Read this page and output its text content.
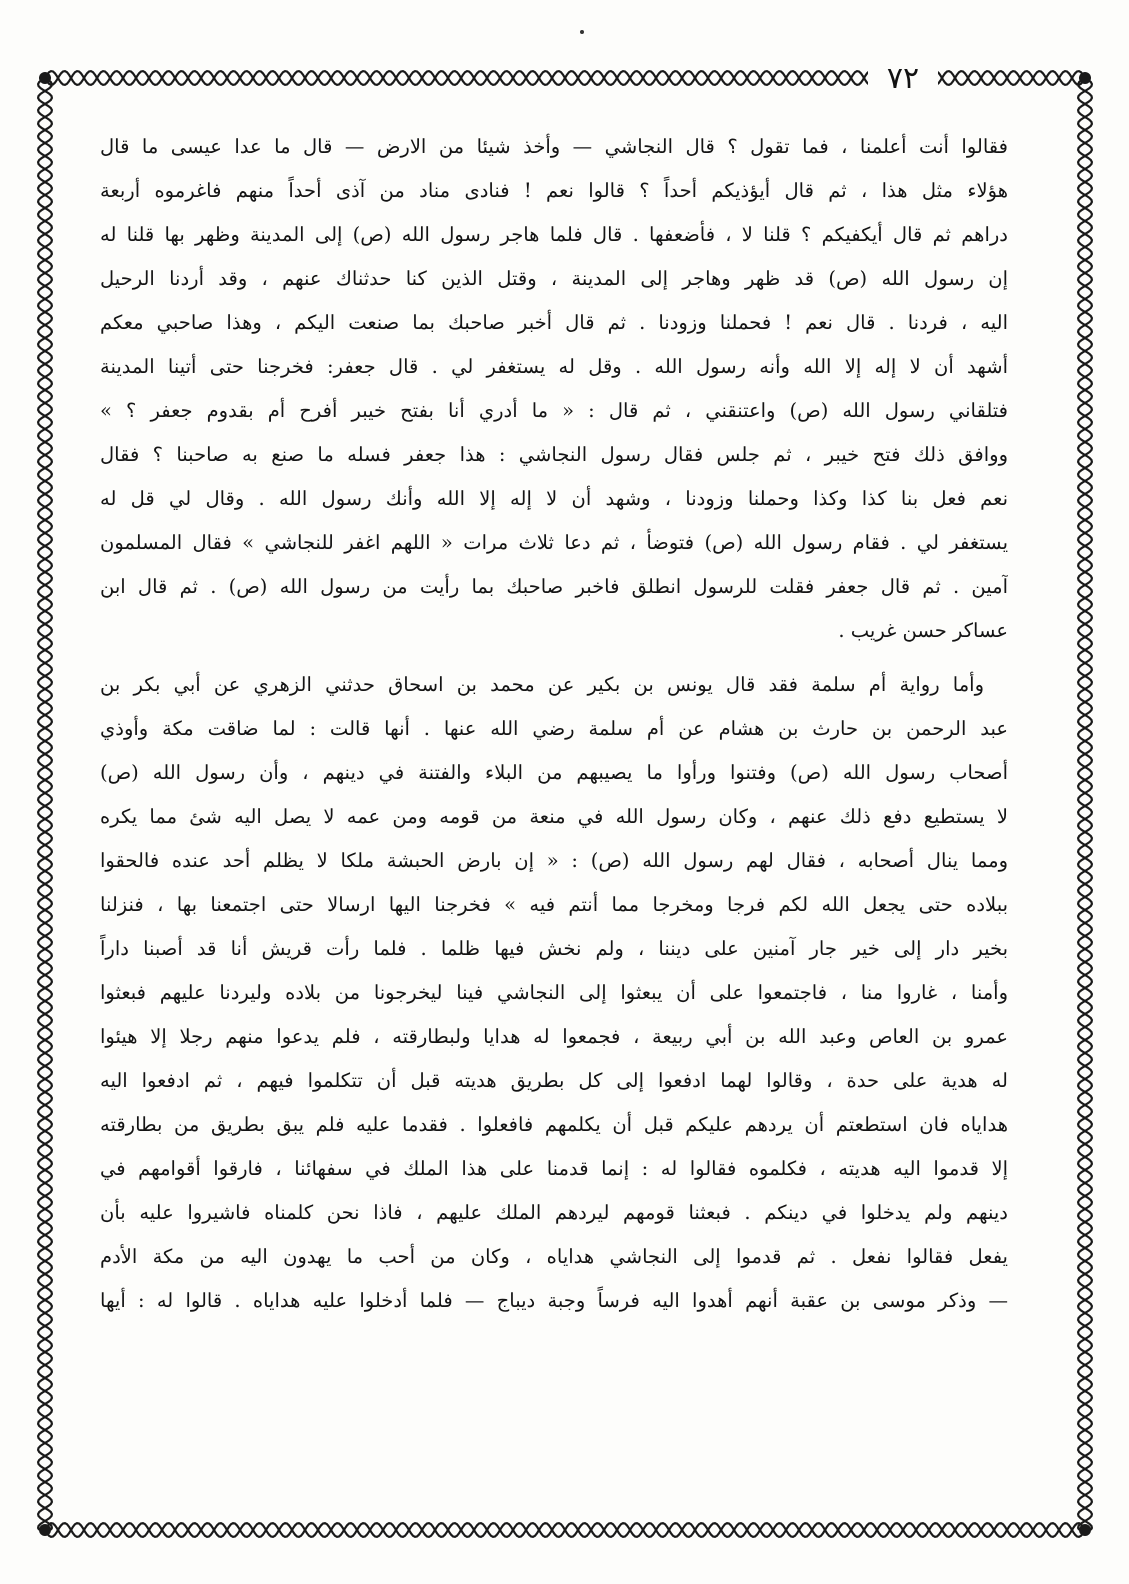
٧٢
فقالوا أنت أعلمنا ، فما تقول ؟ قال النجاشي — وأخذ شيئا من الارض — قال ما عدا عيسى ما قال
هؤلاء مثل هذا ، ثم قال أيؤذيكم أحداً ؟ قالوا نعم ! فنادى مناد من آذى أحداً منهم فاغرموه أربعة
دراهم ثم قال أيكفيكم ؟ قلنا لا ، فأضعفها . قال فلما هاجر رسول الله (ص) إلى المدينة وظهر بها قلنا له
إن رسول الله (ص) قد ظهر وهاجر إلى المدينة ، وقتل الذين كنا حدثناك عنهم ، وقد أردنا الرحيل
اليه ، فردنا . قال نعم ! فحملنا وزودنا . ثم قال أخبر صاحبك بما صنعت اليكم ، وهذا صاحبي معكم
أشهد أن لا إله إلا الله وأنه رسول الله . وقل له يستغفر لي . قال جعفر: فخرجنا حتى أتينا المدينة
فتلقاني رسول الله (ص) واعتنقني ، ثم قال : « ما أدري أنا بفتح خيبر أفرح أم بقدوم جعفر ؟ »
ووافق ذلك فتح خيبر ، ثم جلس فقال رسول النجاشي : هذا جعفر فسله ما صنع به صاحبنا ؟ فقال
نعم فعل بنا كذا وكذا وحملنا وزودنا ، وشهد أن لا إله إلا الله وأنك رسول الله . وقال لي قل له
يستغفر لي . فقام رسول الله (ص) فتوضأ ، ثم دعا ثلاث مرات « اللهم اغفر للنجاشي » فقال المسلمون
آمين . ثم قال جعفر فقلت للرسول انطلق فاخبر صاحبك بما رأيت من رسول الله (ص) . ثم قال ابن
عساكر حسن غريب .
وأما رواية أم سلمة فقد قال يونس بن بكير عن محمد بن اسحاق حدثني الزهري عن أبي بكر بن
عبد الرحمن بن حارث بن هشام عن أم سلمة رضي الله عنها . أنها قالت : لما ضاقت مكة وأوذي
أصحاب رسول الله (ص) وفتنوا ورأوا ما يصيبهم من البلاء والفتنة في دينهم ، وأن رسول الله (ص)
لا يستطيع دفع ذلك عنهم ، وكان رسول الله في منعة من قومه ومن عمه لا يصل اليه شئ مما يكره
ومما ينال أصحابه ، فقال لهم رسول الله (ص) : « إن بارض الحبشة ملكا لا يظلم أحد عنده فالحقوا
ببلاده حتى يجعل الله لكم فرجا ومخرجا مما أنتم فيه » فخرجنا اليها ارسالا حتى اجتمعنا بها ، فنزلنا
بخير دار إلى خير جار آمنين على ديننا ، ولم نخش فيها ظلما . فلما رأت قريش أنا قد أصبنا داراً
وأمنا ، غاروا منا ، فاجتمعوا على أن يبعثوا إلى النجاشي فينا ليخرجونا من بلاده وليردنا عليهم فبعثوا
عمرو بن العاص وعبد الله بن أبي ربيعة ، فجمعوا له هدايا ولبطارقته ، فلم يدعوا منهم رجلا إلا هيئوا
له هدية على حدة ، وقالوا لهما ادفعوا إلى كل بطريق هديته قبل أن تتكلموا فيهم ، ثم ادفعوا اليه
هداياه فان استطعتم أن يردهم عليكم قبل أن يكلمهم فافعلوا . فقدما عليه فلم يبق بطريق من بطارقته
إلا قدموا اليه هديته ، فكلموه فقالوا له : إنما قدمنا على هذا الملك في سفهائنا ، فارقوا أقوامهم في
دينهم ولم يدخلوا في دينكم . فبعثنا قومهم ليردهم الملك عليهم ، فاذا نحن كلمناه فاشيروا عليه بأن
يفعل فقالوا نفعل . ثم قدموا إلى النجاشي هداياه ، وكان من أحب ما يهدون اليه من مكة الأدم
— وذكر موسى بن عقبة أنهم أهدوا اليه فرساً وجبة ديباج — فلما أدخلوا عليه هداياه . قالوا له : أيها
